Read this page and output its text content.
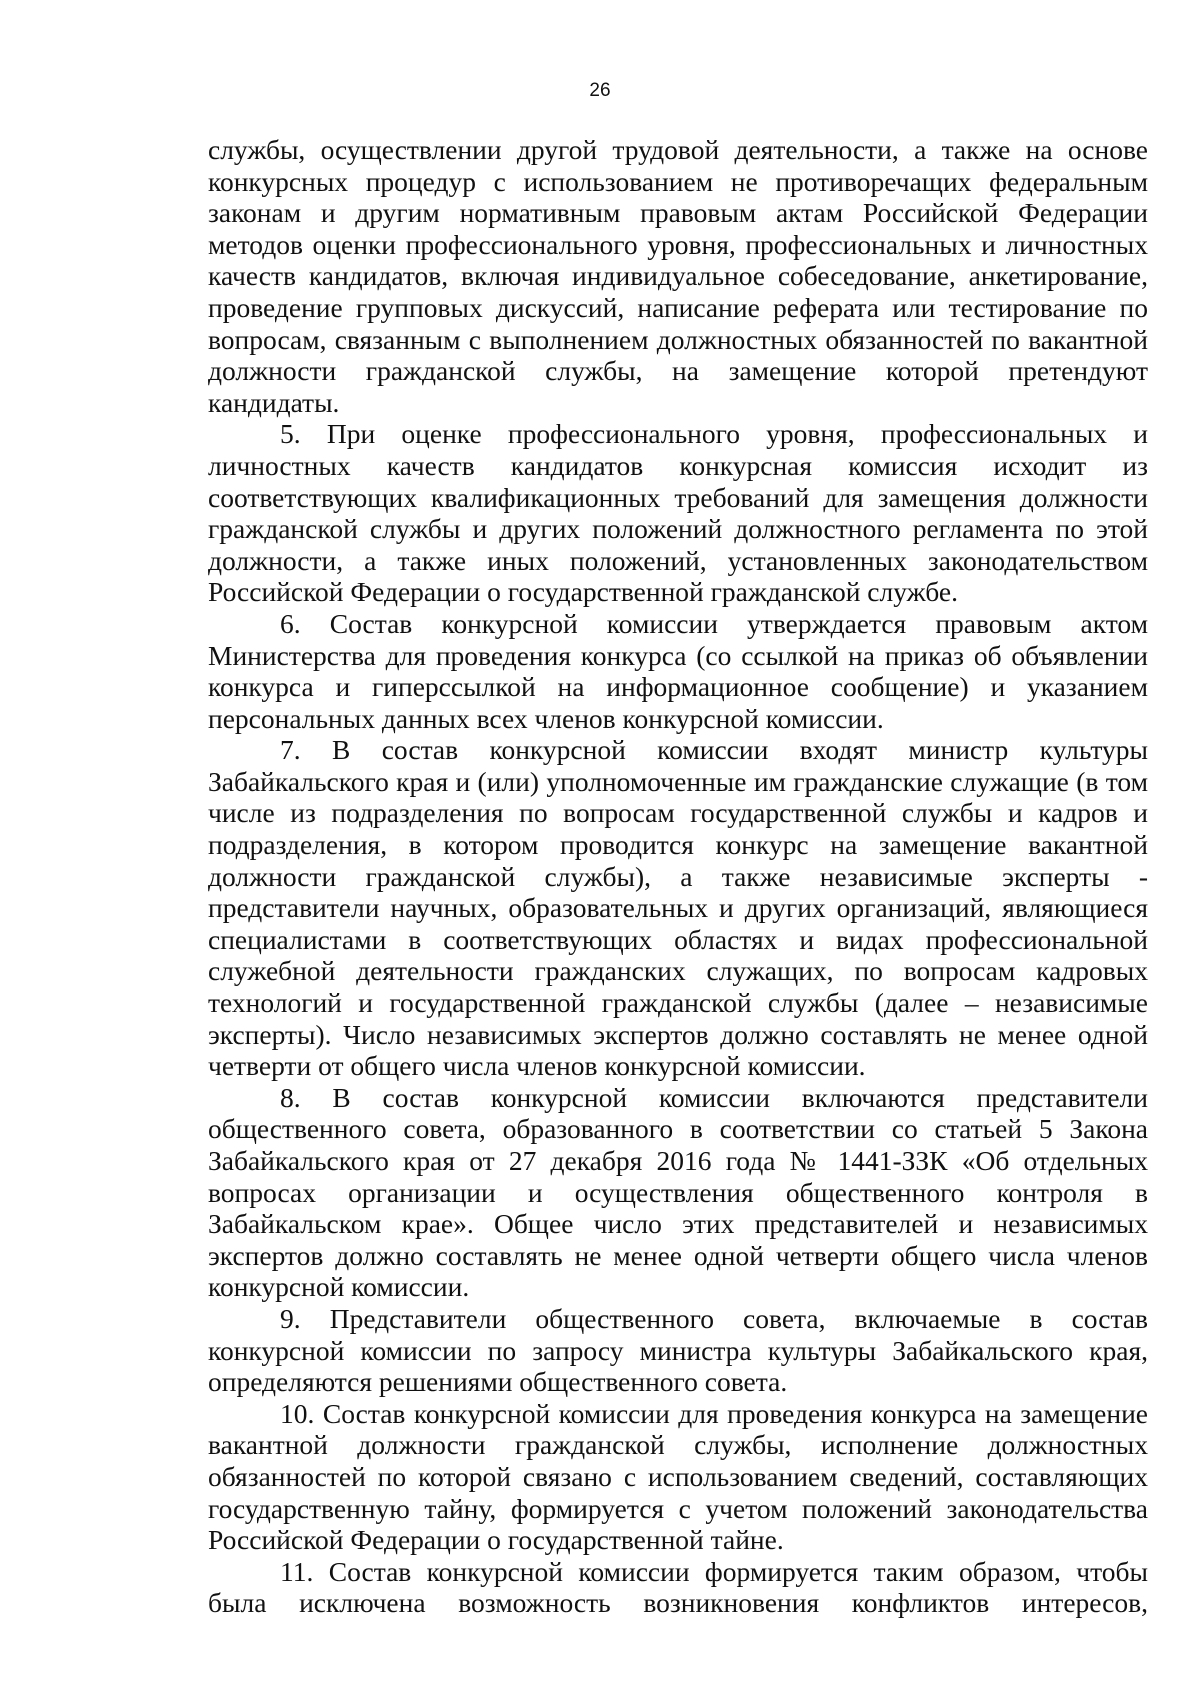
26

службы, осуществлении другой трудовой деятельности, а также на основе конкурсных процедур с использованием не противоречащих федеральным законам и другим нормативным правовым актам Российской Федерации методов оценки профессионального уровня, профессиональных и личностных качеств кандидатов, включая индивидуальное собеседование, анкетирование, проведение групповых дискуссий, написание реферата или тестирование по вопросам, связанным с выполнением должностных обязанностей по вакантной должности гражданской службы, на замещение которой претендуют кандидаты.

5. При оценке профессионального уровня, профессиональных и личностных качеств кандидатов конкурсная комиссия исходит из соответствующих квалификационных требований для замещения должности гражданской службы и других положений должностного регламента по этой должности, а также иных положений, установленных законодательством Российской Федерации о государственной гражданской службе.

6. Состав конкурсной комиссии утверждается правовым актом Министерства для проведения конкурса (со ссылкой на приказ об объявлении конкурса и гиперссылкой на информационное сообщение) и указанием персональных данных всех членов конкурсной комиссии.

7. В состав конкурсной комиссии входят министр культуры Забайкальского края и (или) уполномоченные им гражданские служащие (в том числе из подразделения по вопросам государственной службы и кадров и подразделения, в котором проводится конкурс на замещение вакантной должности гражданской службы), а также независимые эксперты - представители научных, образовательных и других организаций, являющиеся специалистами в соответствующих областях и видах профессиональной служебной деятельности гражданских служащих, по вопросам кадровых технологий и государственной гражданской службы (далее – независимые эксперты). Число независимых экспертов должно составлять не менее одной четверти от общего числа членов конкурсной комиссии.

8. В состав конкурсной комиссии включаются представители общественного совета, образованного в соответствии со статьей 5 Закона Забайкальского края от 27 декабря 2016 года № 1441-ЗЗК «Об отдельных вопросах организации и осуществления общественного контроля в Забайкальском крае». Общее число этих представителей и независимых экспертов должно составлять не менее одной четверти общего числа членов конкурсной комиссии.

9. Представители общественного совета, включаемые в состав конкурсной комиссии по запросу министра культуры Забайкальского края, определяются решениями общественного совета.

10. Состав конкурсной комиссии для проведения конкурса на замещение вакантной должности гражданской службы, исполнение должностных обязанностей по которой связано с использованием сведений, составляющих государственную тайну, формируется с учетом положений законодательства Российской Федерации о государственной тайне.

11. Состав конкурсной комиссии формируется таким образом, чтобы была исключена возможность возникновения конфликтов интересов,
